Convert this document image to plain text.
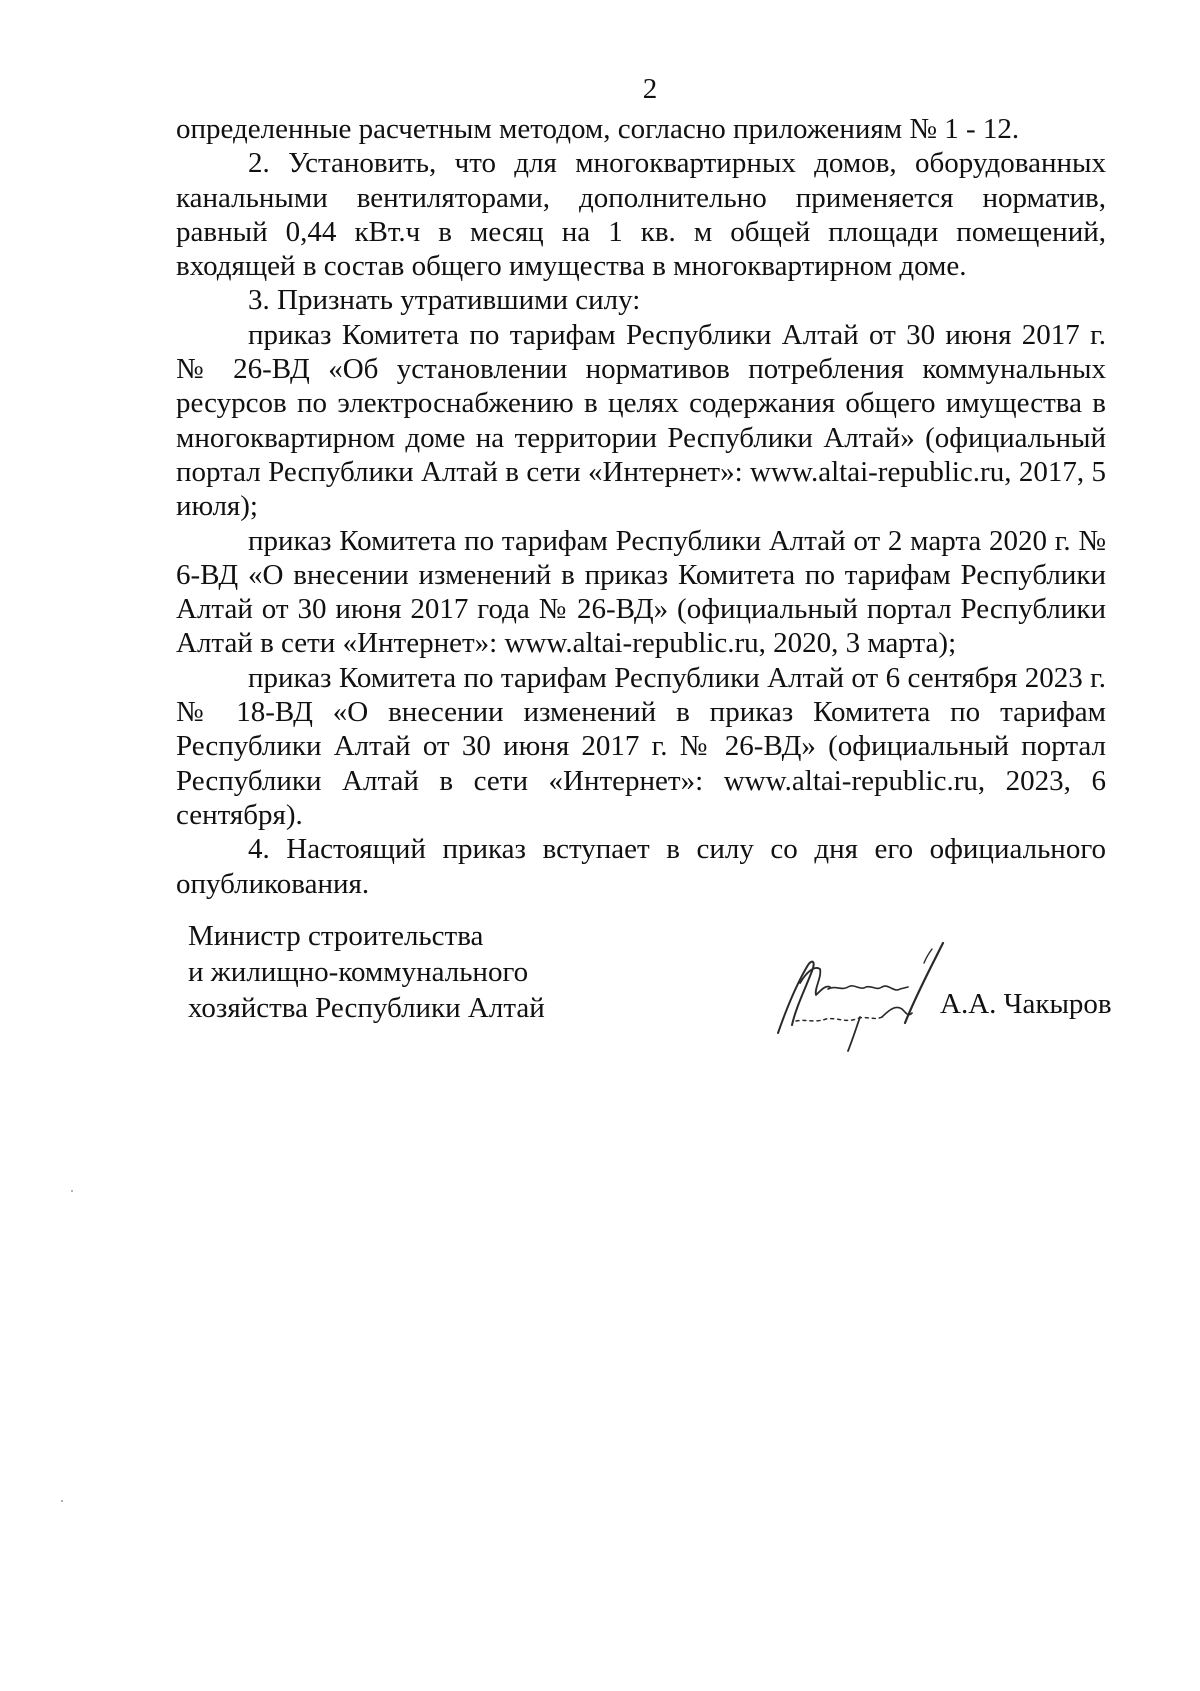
2

определенные расчетным методом, согласно приложениям № 1 - 12.

2. Установить, что для многоквартирных домов, оборудованных канальными вентиляторами, дополнительно применяется норматив, равный 0,44 кВт.ч в месяц на 1 кв. м общей площади помещений, входящей в состав общего имущества в многоквартирном доме.

3. Признать утратившими силу:

приказ Комитета по тарифам Республики Алтай от 30 июня 2017 г. № 26-ВД «Об установлении нормативов потребления коммунальных ресурсов по электроснабжению в целях содержания общего имущества в многоквартирном доме на территории Республики Алтай» (официальный портал Республики Алтай в сети «Интернет»: www.altai-republic.ru, 2017, 5 июля);

приказ Комитета по тарифам Республики Алтай от 2 марта 2020 г. № 6-ВД «О внесении изменений в приказ Комитета по тарифам Республики Алтай от 30 июня 2017 года № 26-ВД» (официальный портал Республики Алтай в сети «Интернет»: www.altai-republic.ru, 2020, 3 марта);

приказ Комитета по тарифам Республики Алтай от 6 сентября 2023 г. № 18-ВД «О внесении изменений в приказ Комитета по тарифам Республики Алтай от 30 июня 2017 г. № 26-ВД» (официальный портал Республики Алтай в сети «Интернет»: www.altai-republic.ru, 2023, 6 сентября).

4. Настоящий приказ вступает в силу со дня его официального опубликования.

Министр строительства
и жилищно-коммунального
хозяйства Республики Алтай	А.А. Чакыров
